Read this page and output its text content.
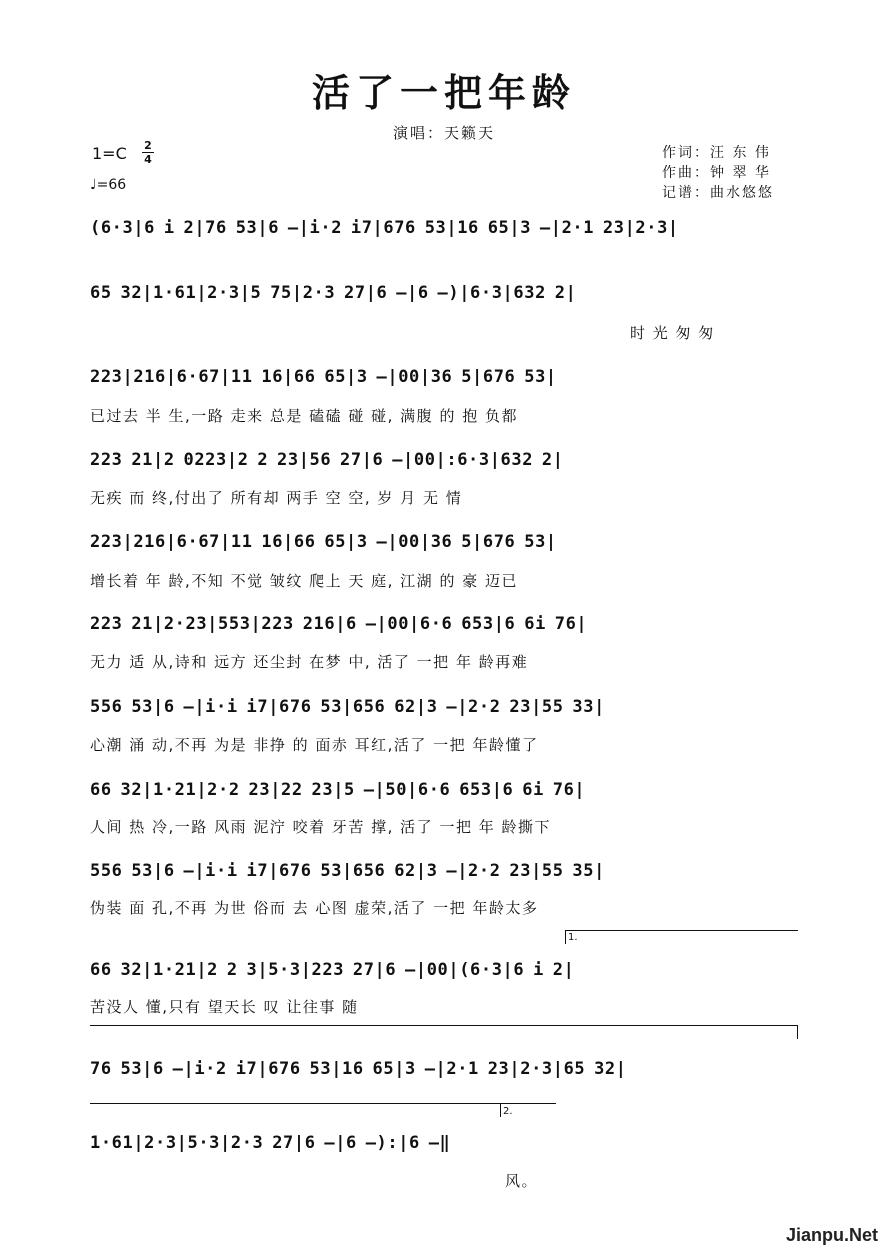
活了一把年龄
演唱：天籁天
1=C 2
4
♩=66
作词：汪 东 伟
作曲：钟 翠 华
记谱：曲水悠悠
(6·3|6 i 2|76 53|6 –|i·2 i7|676 53|16 65|3 –|2·1 23|2·3|
65 32|1·61|2·3|5 75|2·3 27|6 –|6 –)|6·3|632 2|
时 光 匆 匆
223|216|6·67|11 16|66 65|3 –|00|36 5|676 53|
已过去 半 生,一路 走来 总是 磕磕 碰 碰, 满腹 的 抱 负都
223 21|2 0223|2 2 23|56 27|6 –|00|:6·3|632 2|
无疾 而 终,付出了 所有却 两手 空 空, 岁 月 无 情
223|216|6·67|11 16|66 65|3 –|00|36 5|676 53|
增长着 年 龄,不知 不觉 皱纹 爬上 天 庭, 江湖 的 豪 迈已
223 21|2·23|553|223 216|6 –|00|6·6 653|6 6i 76|
无力 适 从,诗和 远方 还尘封 在梦 中, 活了 一把 年 龄再难
556 53|6 –|i·i i7|676 53|656 62|3 –|2·2 23|55 33|
心潮 涌 动,不再 为是 非挣 的 面赤 耳红,活了 一把 年龄懂了
66 32|1·21|2·2 23|22 23|5 –|50|6·6 653|6 6i 76|
人间 热 冷,一路 风雨 泥泞 咬着 牙苦 撑, 活了 一把 年 龄撕下
556 53|6 –|i·i i7|676 53|656 62|3 –|2·2 23|55 35|
伪装 面 孔,不再 为世 俗而 去 心图 虚荣,活了 一把 年龄太多
1.
66 32|1·21|2 2 3|5·3|223 27|6 –|00|(6·3|6 i 2|
苦没人 懂,只有 望天长 叹 让往事 随
76 53|6 –|i·2 i7|676 53|16 65|3 –|2·1 23|2·3|65 32|
2.
1·61|2·3|5·3|2·3 27|6 –|6 –):|6 –‖
风。
Jianpu.Net
